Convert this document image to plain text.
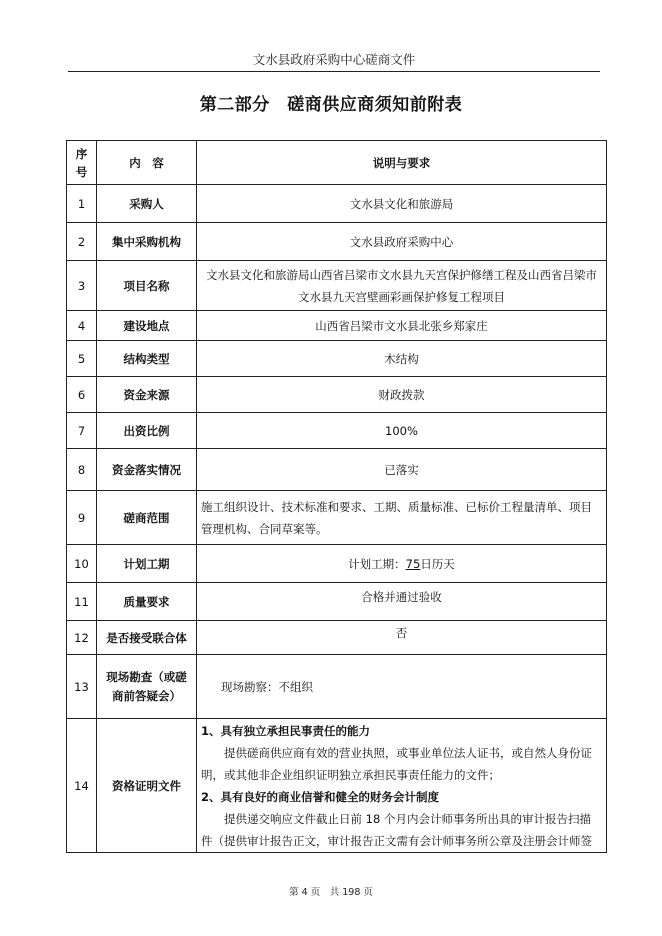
文水县政府采购中心磋商文件
第二部分　磋商供应商须知前附表
序号	内　容	说明与要求
1	采购人	文水县文化和旅游局
2	集中采购机构	文水县政府采购中心
3	项目名称	文水县文化和旅游局山西省吕梁市文水县九天宫保护修缮工程及山西省吕梁市文水县九天宫壁画彩画保护修复工程项目
4	建设地点	山西省吕梁市文水县北张乡郑家庄
5	结构类型	木结构
6	资金来源	财政拨款
7	出资比例	100%
8	资金落实情况	已落实
9	磋商范围	施工组织设计、技术标准和要求、工期、质量标准、已标价工程量清单、项目管理机构、合同草案等。
10	计划工期	计划工期：75日历天
11	质量要求	合格并通过验收
12	是否接受联合体	否
13	现场勘查（或磋商前答疑会）	现场勘察：不组织
14	资格证明文件	1、具有独立承担民事责任的能力
提供磋商供应商有效的营业执照，或事业单位法人证书，或自然人身份证明，或其他非企业组织证明独立承担民事责任能力的文件；
2、具有良好的商业信誉和健全的财务会计制度
提供递交响应文件截止日前 18 个月内会计师事务所出具的审计报告扫描件（提供审计报告正文，审计报告正文需有会计师事务所公章及注册会计师签
第 4 页　共 198 页
